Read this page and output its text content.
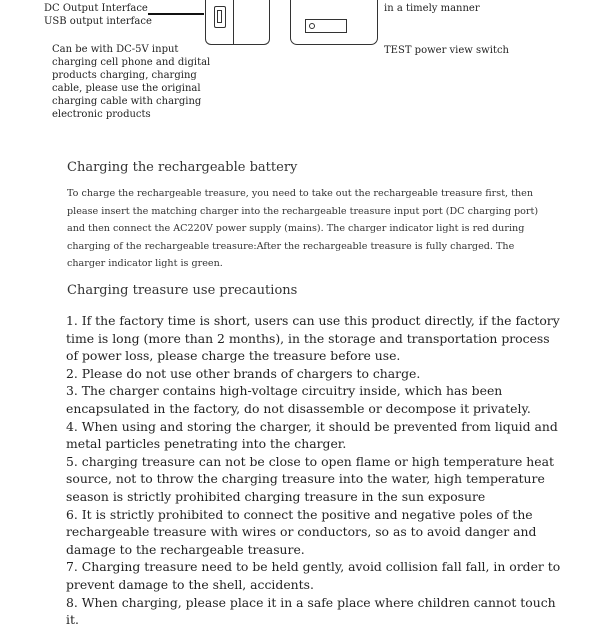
DC Output Interface
USB output interface
in a timely manner
TEST power view switch
Can be with DC-5V input charging cell phone and digital products charging, charging cable, please use the original charging cable with charging electronic products
Charging the rechargeable battery
To charge the rechargeable treasure, you need to take out the rechargeable treasure first, then please insert the matching charger into the rechargeable treasure input port (DC charging port) and then connect the AC220V power supply (mains). The charger indicator light is red during charging of the rechargeable treasure:After the rechargeable treasure is fully charged. The charger indicator light is green.
Charging treasure use precautions
1. If the factory time is short, users can use this product directly, if the factory time is long (more than 2 months), in the storage and transportation process of power loss, please charge the treasure before use.
2. Please do not use other brands of chargers to charge.
3. The charger contains high-voltage circuitry inside, which has been encapsulated in the factory, do not disassemble or decompose it privately.
4. When using and storing the charger, it should be prevented from liquid and metal particles penetrating into the charger.
5. charging treasure can not be close to open flame or high temperature heat source, not to throw the charging treasure into the water, high temperature season is strictly prohibited charging treasure in the sun exposure
6. It is strictly prohibited to connect the positive and negative poles of the rechargeable treasure with wires or conductors, so as to avoid danger and damage to the rechargeable treasure.
7. Charging treasure need to be held gently, avoid collision fall fall, in order to prevent damage to the shell, accidents.
8. When charging, please place it in a safe place where children cannot touch it.
